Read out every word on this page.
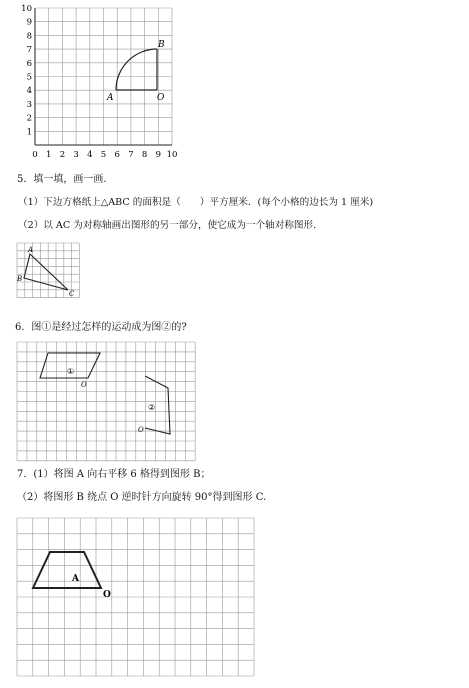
B
A	O
10
9
8
7
6
5
4
3
2
1
0 1 2 3 4 5 6 7 8 9 10
5．填一填，画一画.
（1）下边方格纸上△ABC 的面积是（　　）平方厘米．(每个小格的边长为 1 厘米)
（2）以 AC 为对称轴画出图形的另一部分，使它成为一个轴对称图形.
A
B
C
6．图①是经过怎样的运动成为图②的?
①
O
②
O
7．(1）将图 A 向右平移 6 格得到图形 B；
（2）将图形 B 绕点 O 逆时针方向旋转 90°得到图形 C.
A
O
